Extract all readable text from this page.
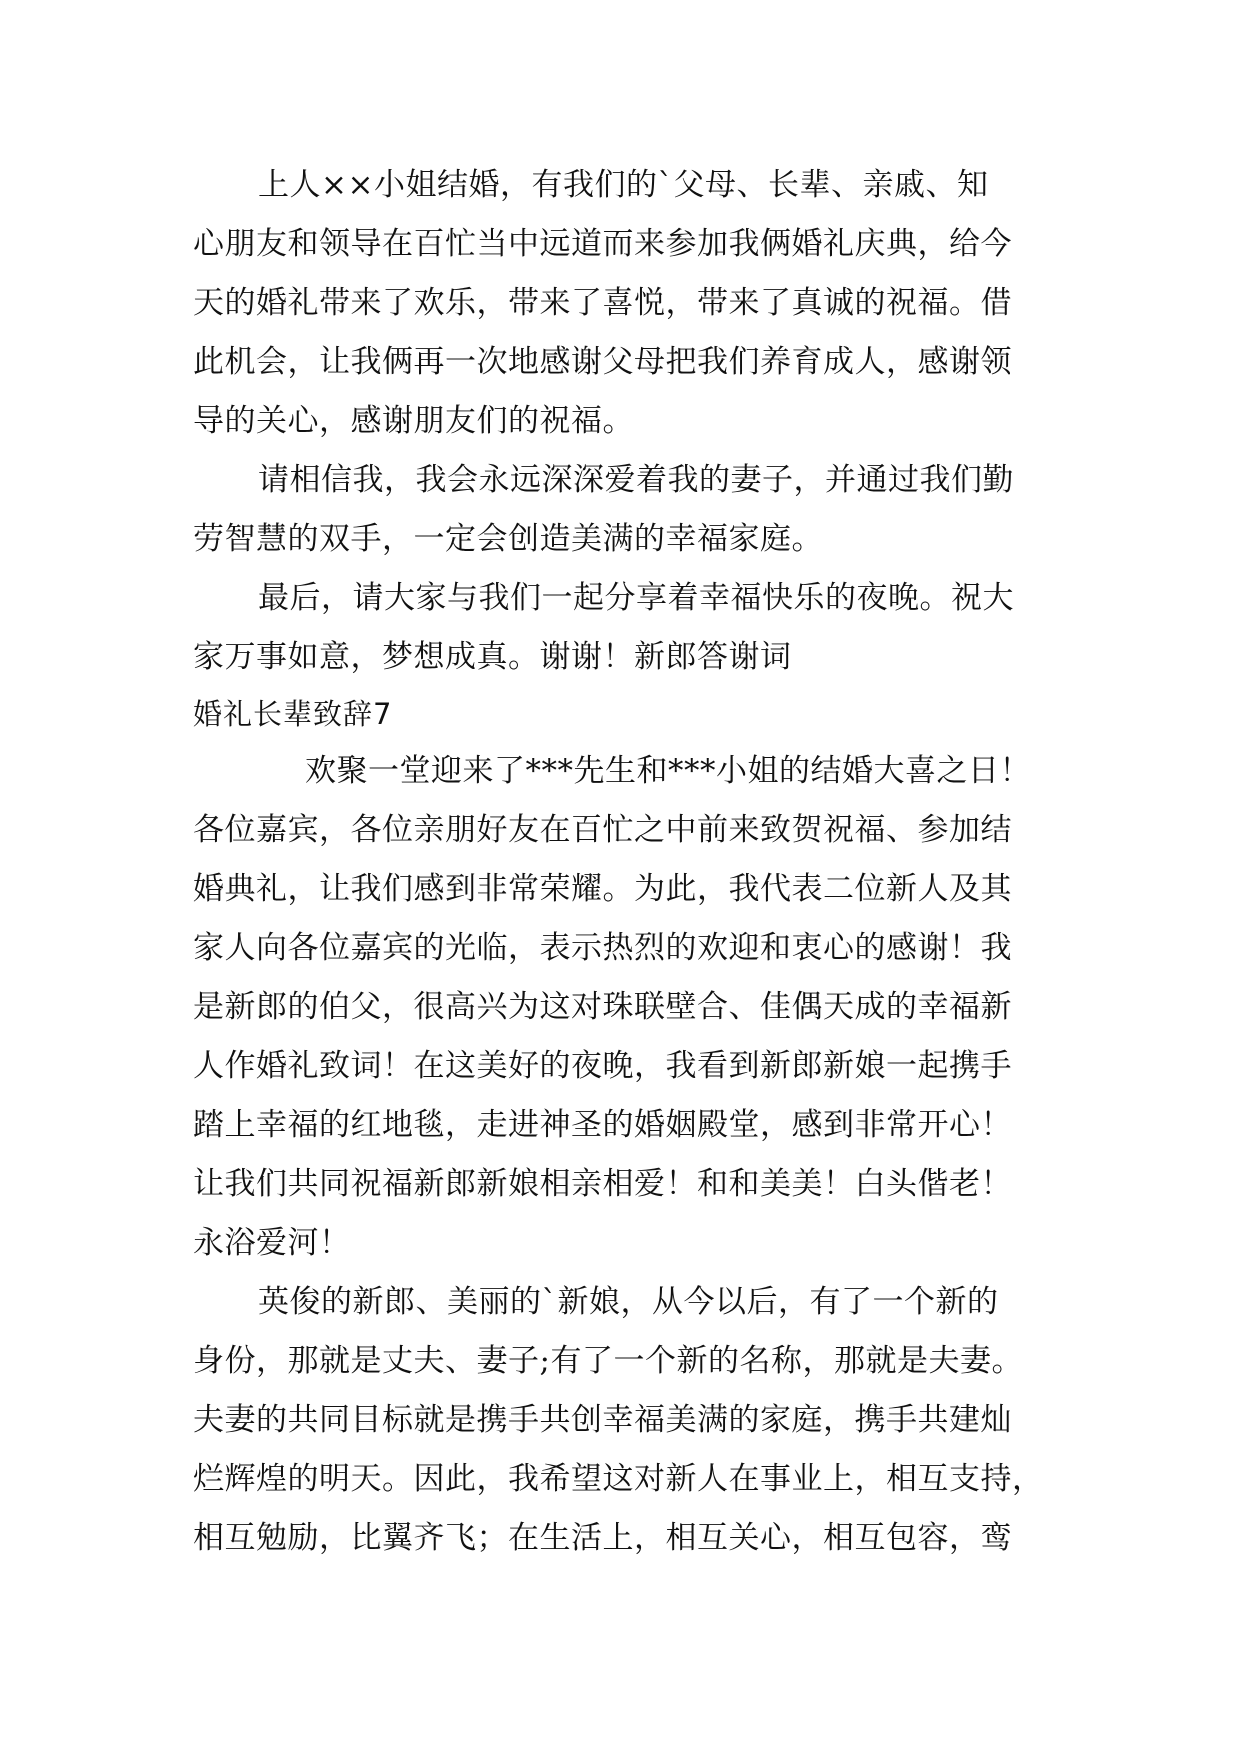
上人××小姐结婚，有我们的`父母、长辈、亲戚、知
心朋友和领导在百忙当中远道而来参加我俩婚礼庆典，给今
天的婚礼带来了欢乐，带来了喜悦，带来了真诚的祝福。借
此机会，让我俩再一次地感谢父母把我们养育成人，感谢领
导的关心，感谢朋友们的祝福。
请相信我，我会永远深深爱着我的妻子，并通过我们勤
劳智慧的双手，一定会创造美满的幸福家庭。
最后，请大家与我们一起分享着幸福快乐的夜晚。祝大
家万事如意，梦想成真。谢谢！新郎答谢词
婚礼长辈致辞7
欢聚一堂迎来了***先生和***小姐的结婚大喜之日！
各位嘉宾，各位亲朋好友在百忙之中前来致贺祝福、参加结
婚典礼，让我们感到非常荣耀。为此，我代表二位新人及其
家人向各位嘉宾的光临，表示热烈的欢迎和衷心的感谢！我
是新郎的伯父，很高兴为这对珠联壁合、佳偶天成的幸福新
人作婚礼致词！在这美好的夜晚，我看到新郎新娘一起携手
踏上幸福的红地毯，走进神圣的婚姻殿堂，感到非常开心！
让我们共同祝福新郎新娘相亲相爱！和和美美！白头偕老！
永浴爱河！
英俊的新郎、美丽的`新娘，从今以后，有了一个新的
身份，那就是丈夫、妻子;有了一个新的名称，那就是夫妻。
夫妻的共同目标就是携手共创幸福美满的家庭，携手共建灿
烂辉煌的明天。因此，我希望这对新人在事业上，相互支持，
相互勉励，比翼齐飞；在生活上，相互关心，相互包容，鸾
